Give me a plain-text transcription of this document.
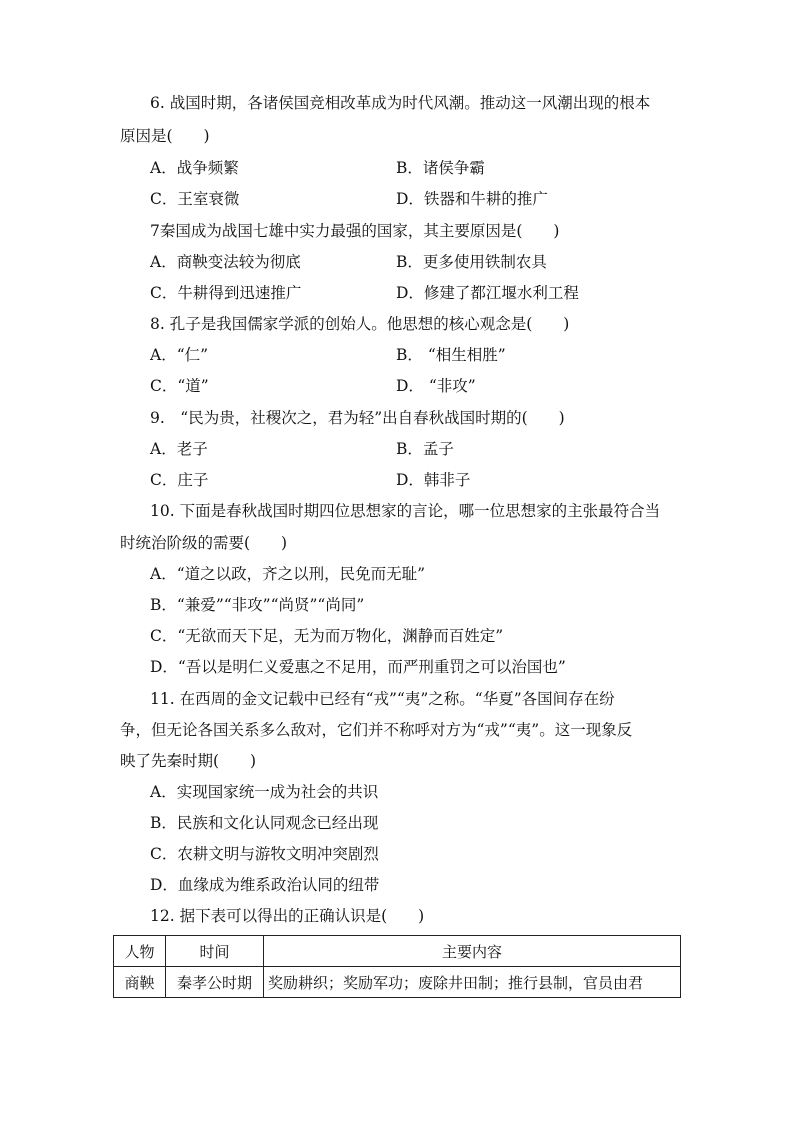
6. 战国时期，各诸侯国竞相改革成为时代风潮。推动这一风潮出现的根本
原因是(　　)
A．战争频繁	B．诸侯争霸
C．王室衰微	D．铁器和牛耕的推广
7秦国成为战国七雄中实力最强的国家，其主要原因是(　　)
A．商鞅变法较为彻底	B．更多使用铁制农具
C．牛耕得到迅速推广	D．修建了都江堰水利工程
8. 孔子是我国儒家学派的创始人。他思想的核心观念是(　　)
A．“仁”	B． “相生相胜”
C．“道”	D． “非攻”
9.　“民为贵，社稷次之，君为轻”出自春秋战国时期的(　　)
A．老子	B．孟子
C．庄子	D．韩非子
10. 下面是春秋战国时期四位思想家的言论，哪一位思想家的主张最符合当
时统治阶级的需要(　　)
A．“道之以政，齐之以刑，民免而无耻”
B．“兼爱”“非攻”“尚贤”“尚同”
C．“无欲而天下足，无为而万物化，渊静而百姓定”
D．“吾以是明仁义爱惠之不足用，而严刑重罚之可以治国也”
11. 在西周的金文记载中已经有“戎”“夷”之称。“华夏”各国间存在纷
争，但无论各国关系多么敌对，它们并不称呼对方为“戎”“夷”。这一现象反
映了先秦时期(　　)
A．实现国家统一成为社会的共识
B．民族和文化认同观念已经出现
C．农耕文明与游牧文明冲突剧烈
D．血缘成为维系政治认同的纽带
12. 据下表可以得出的正确认识是(　　)
人物	时间	主要内容
商鞅	秦孝公时期	奖励耕织；奖励军功；废除井田制；推行县制，官员由君
